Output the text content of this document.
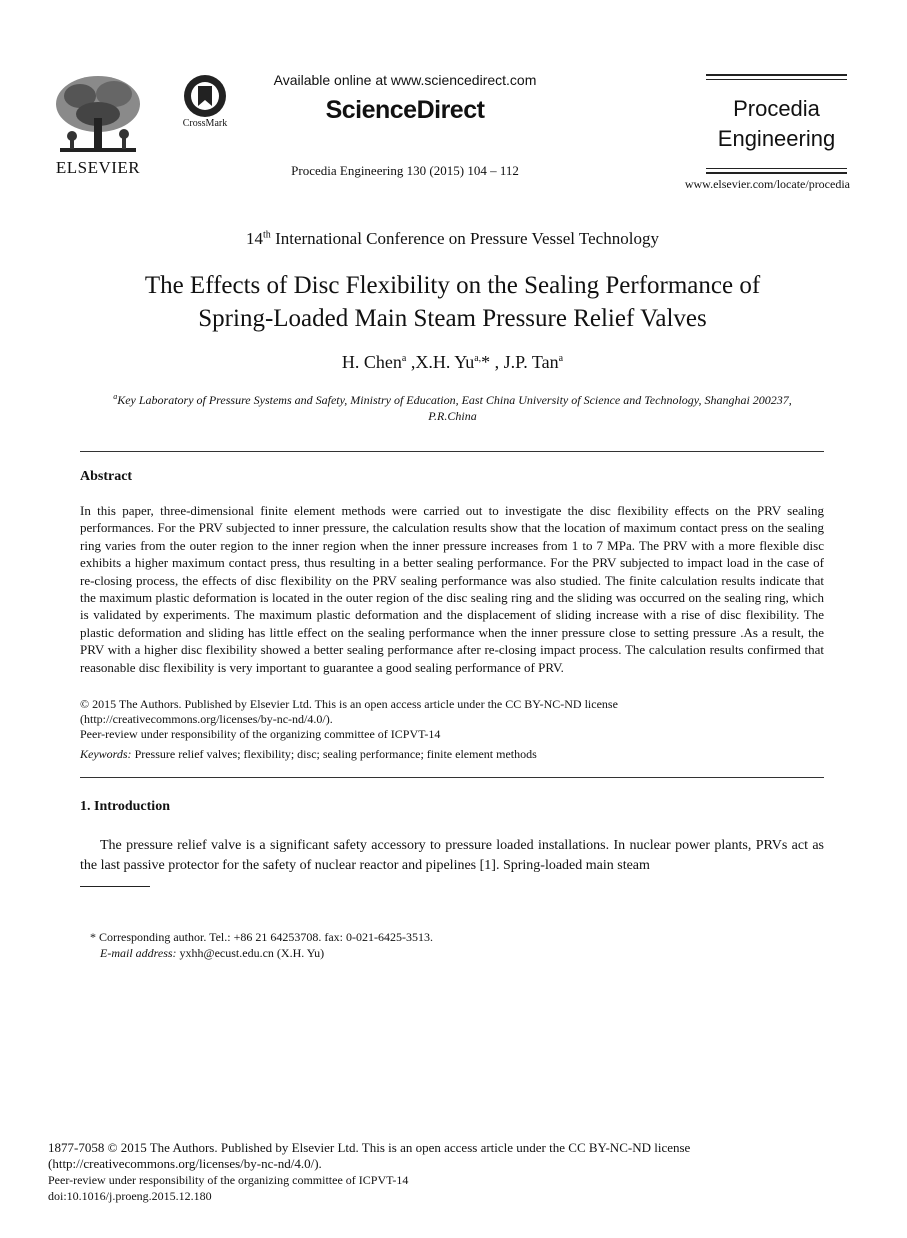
ELSEVIER
CrossMark
Available online at www.sciencedirect.com
ScienceDirect
Procedia Engineering 130 (2015) 104 – 112
Procedia
Engineering
www.elsevier.com/locate/procedia
14th International Conference on Pressure Vessel Technology
The Effects of Disc Flexibility on the Sealing Performance of
Spring-Loaded Main Steam Pressure Relief Valves
H. Chen$^a$ ,X.H. $Yu^{a,}*$ , J.P. Tan$^a$
$^a$Key Laboratory of Pressure Systems and Safety, Ministry of Education, East China University of Science and Technology, Shanghai 200237,
P.R.China
Abstract
In this paper, three-dimensional finite element methods were carried out to investigate the disc flexibility effects on the PRV sealing performances. For the PRV subjected to inner pressure, the calculation results show that the location of maximum contact press on the sealing ring varies from the outer region to the inner region when the inner pressure increases from 1 to 7 MPa. The PRV with a more flexible disc exhibits a higher maximum contact press, thus resulting in a better sealing performance. For the PRV subjected to impact load in the case of re-closing process, the effects of disc flexibility on the PRV sealing performance was also studied. The finite calculation results indicate that the maximum plastic deformation is located in the outer region of the disc sealing ring and the sliding was occurred on the sealing ring, which is validated by experiments. The maximum plastic deformation and the displacement of sliding increase with a rise of disc flexibility. The plastic deformation and sliding has little effect on the sealing performance when the inner pressure close to setting pressure .As a result, the PRV with a higher disc flexibility showed a better sealing performance after re-closing impact process. The calculation results confirmed that reasonable disc flexibility is very important to guarantee a good sealing performance of PRV.
© 2015 The Authors. Published by Elsevier Ltd. This is an open access article under the CC BY-NC-ND license
(http://creativecommons.org/licenses/by-nc-nd/4.0/).
Peer-review under responsibility of the organizing committee of ICPVT-14
Keywords: Pressure relief valves; flexibility; disc; sealing performance; finite element methods
1. Introduction
The pressure relief valve is a significant safety accessory to pressure loaded installations. In nuclear power plants, PRVs act as the last passive protector for the safety of nuclear reactor and pipelines [1]. Spring-loaded main steam
* Corresponding author. Tel.: +86 21 64253708. fax: 0-021-6425-3513.
E-mail address: yxhh@ecust.edu.cn (X.H. Yu)
1877-7058 © 2015 The Authors. Published by Elsevier Ltd. This is an open access article under the CC BY-NC-ND license
(http://creativecommons.org/licenses/by-nc-nd/4.0/).
Peer-review under responsibility of the organizing committee of ICPVT-14
doi:10.1016/j.proeng.2015.12.180
